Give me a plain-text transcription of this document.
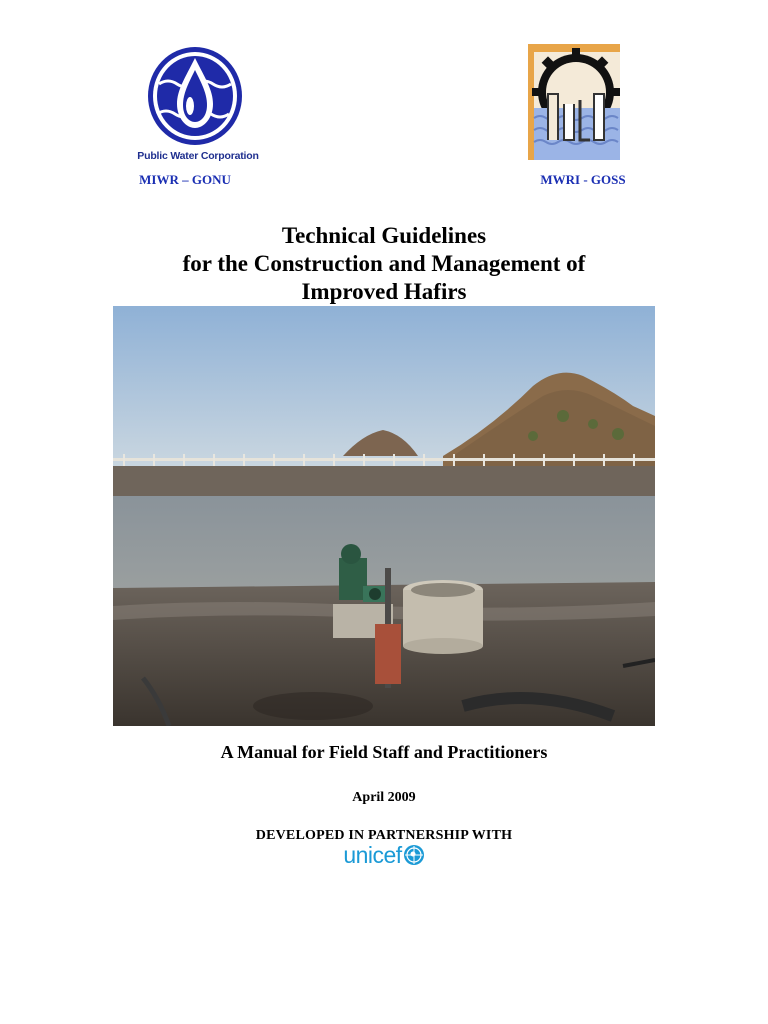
Public Water Corporation
MIWR – GONU	MWRI - GOSS
Technical Guidelines
for the Construction and Management of
Improved Hafirs
A Manual for Field Staff and Practitioners
April 2009
DEVELOPED IN PARTNERSHIP WITH
unicef
